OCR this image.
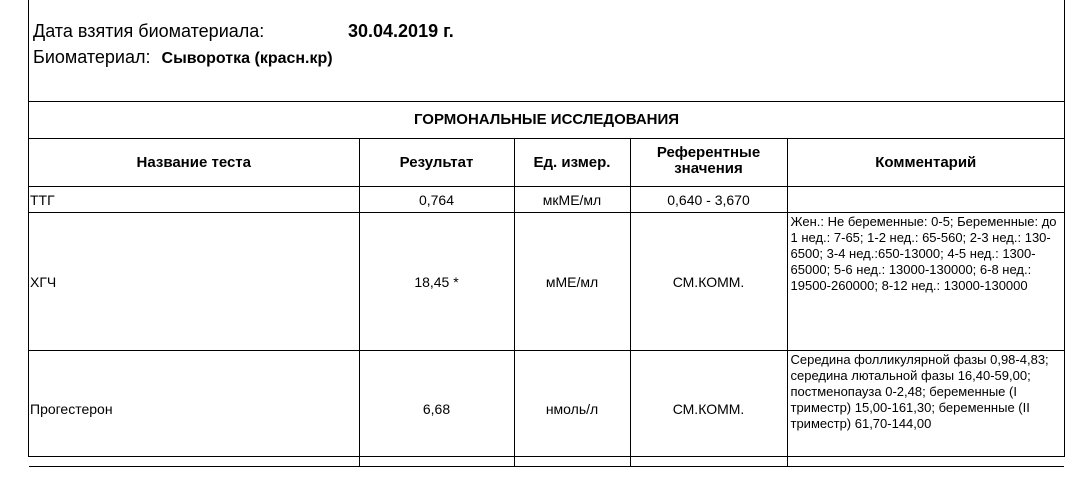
Дата взятия биоматериала:	30.04.2019 г.
Биоматериал: Сыворотка (красн.кр)
ГОРМОНАЛЬНЫЕ ИССЛЕДОВАНИЯ				
Название теста	Результат	Ед. измер.	Референтные значения	Комментарий
ТТГ	0,764	мкМЕ/мл	0,640 - 3,670	
ХГЧ	18,45 *	мМЕ/мл	СМ.КОММ.	Жен.: Не беременные: 0-5; Беременные: до 1 нед.: 7-65; 1-2 нед.: 65-560; 2-3 нед.: 130-6500; 3-4 нед.:650-13000; 4-5 нед.: 1300-65000; 5-6 нед.: 13000-130000; 6-8 нед.: 19500-260000; 8-12 нед.: 13000-130000
Прогестерон	6,68	нмоль/л	СМ.КОММ.	Середина фолликулярной фазы 0,98-4,83; середина лютальной фазы 16,40-59,00; постменопауза 0-2,48; беременные (I триместр) 15,00-161,30; беременные (II триместр) 61,70-144,00
